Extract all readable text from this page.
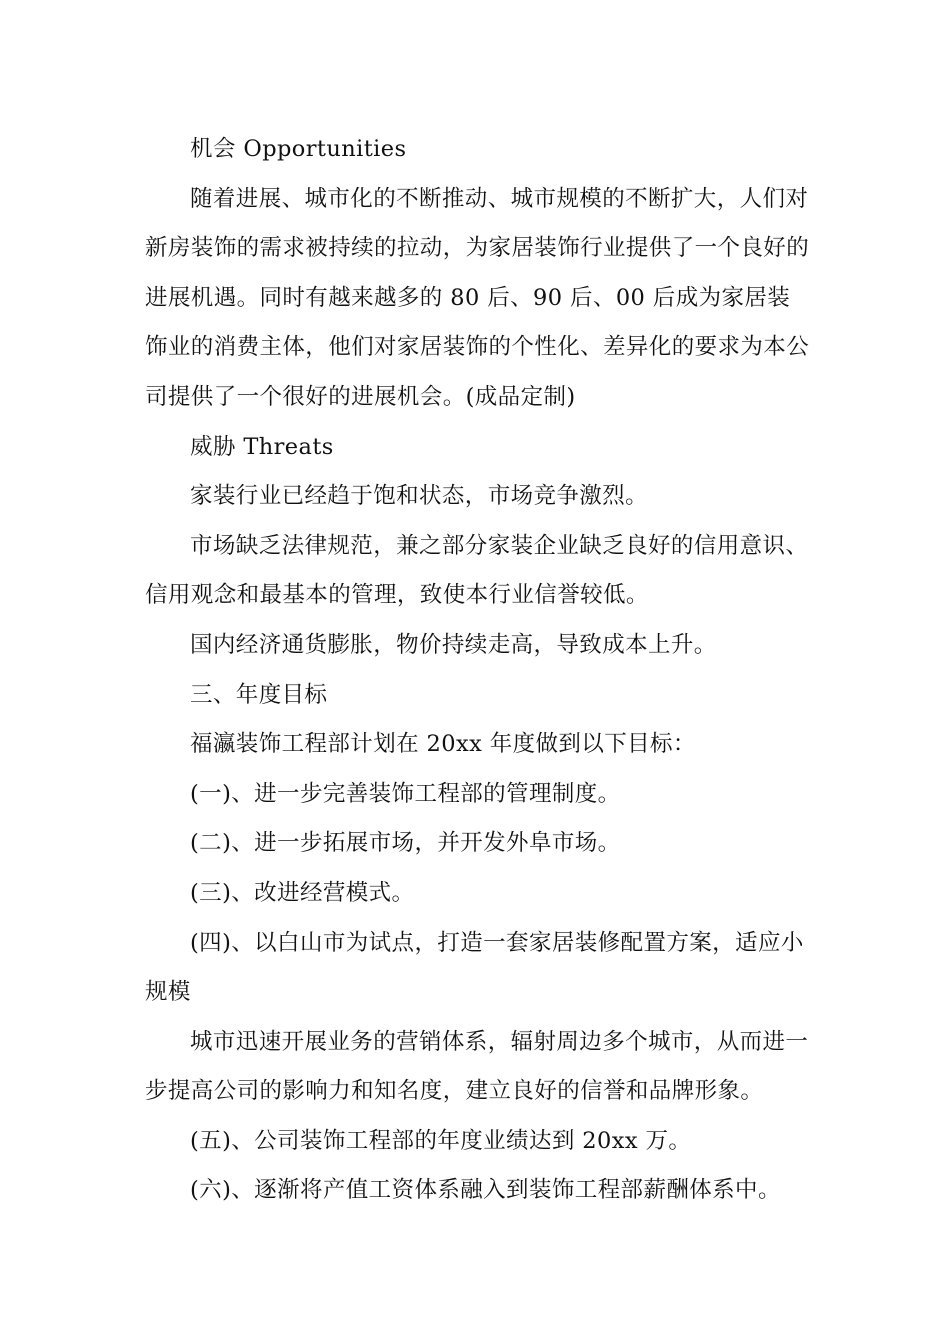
机会 Opportunities

随着进展、城市化的不断推动、城市规模的不断扩大，人们对新房装饰的需求被持续的拉动，为家居装饰行业提供了一个良好的进展机遇。同时有越来越多的 80 后、90 后、00 后成为家居装饰业的消费主体，他们对家居装饰的个性化、差异化的要求为本公司提供了一个很好的进展机会。(成品定制)

威胁 Threats

家装行业已经趋于饱和状态，市场竞争激烈。

市场缺乏法律规范，兼之部分家装企业缺乏良好的信用意识、信用观念和最基本的管理，致使本行业信誉较低。

国内经济通货膨胀，物价持续走高，导致成本上升。

三、年度目标

福瀛装饰工程部计划在 20xx 年度做到以下目标：

(一)、进一步完善装饰工程部的管理制度。

(二)、进一步拓展市场，并开发外阜市场。

(三)、改进经营模式。

(四)、以白山市为试点，打造一套家居装修配置方案，适应小规模

城市迅速开展业务的营销体系，辐射周边多个城市，从而进一步提高公司的影响力和知名度，建立良好的信誉和品牌形象。

(五)、公司装饰工程部的年度业绩达到 20xx 万。

(六)、逐渐将产值工资体系融入到装饰工程部薪酬体系中。
